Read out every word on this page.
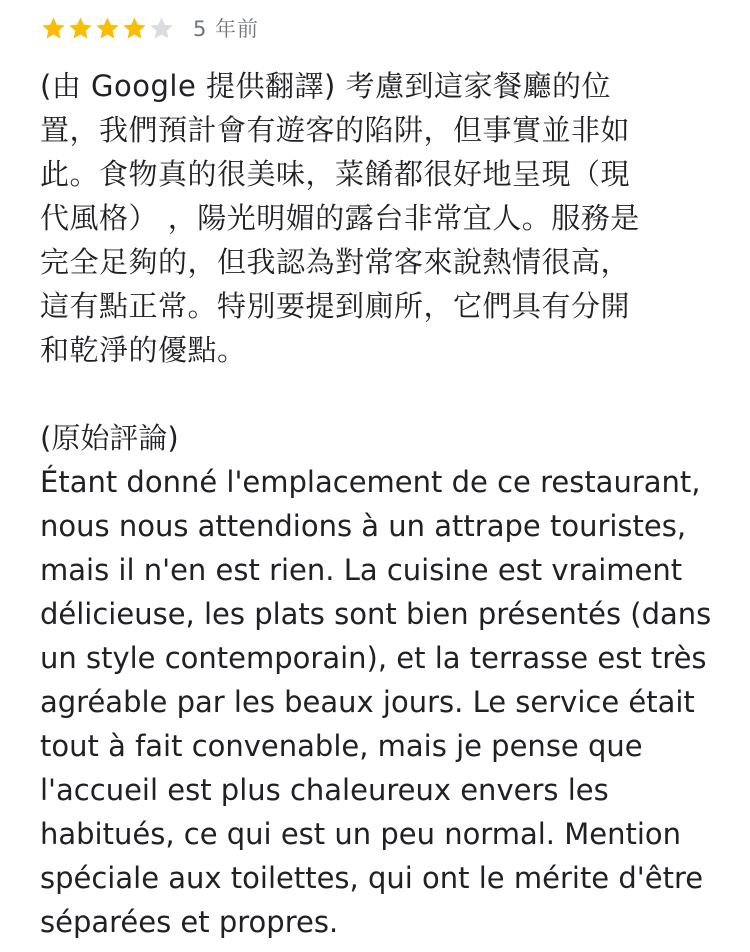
5 年前
(由 Google 提供翻譯) 考慮到這家餐廳的位
置，我們預計會有遊客的陷阱，但事實並非如
此。食物真的很美味，菜餚都很好地呈現（現
代風格） ，陽光明媚的露台非常宜人。服務是
完全足夠的，但我認為對常客來說熱情很高，
這有點正常。特別要提到廁所，它們具有分開
和乾淨的優點。
(原始評論)
Étant donné l'emplacement de ce restaurant,
nous nous attendions à un attrape touristes,
mais il n'en est rien. La cuisine est vraiment
délicieuse, les plats sont bien présentés (dans
un style contemporain), et la terrasse est très
agréable par les beaux jours. Le service était
tout à fait convenable, mais je pense que
l'accueil est plus chaleureux envers les
habitués, ce qui est un peu normal. Mention
spéciale aux toilettes, qui ont le mérite d'être
séparées et propres.
